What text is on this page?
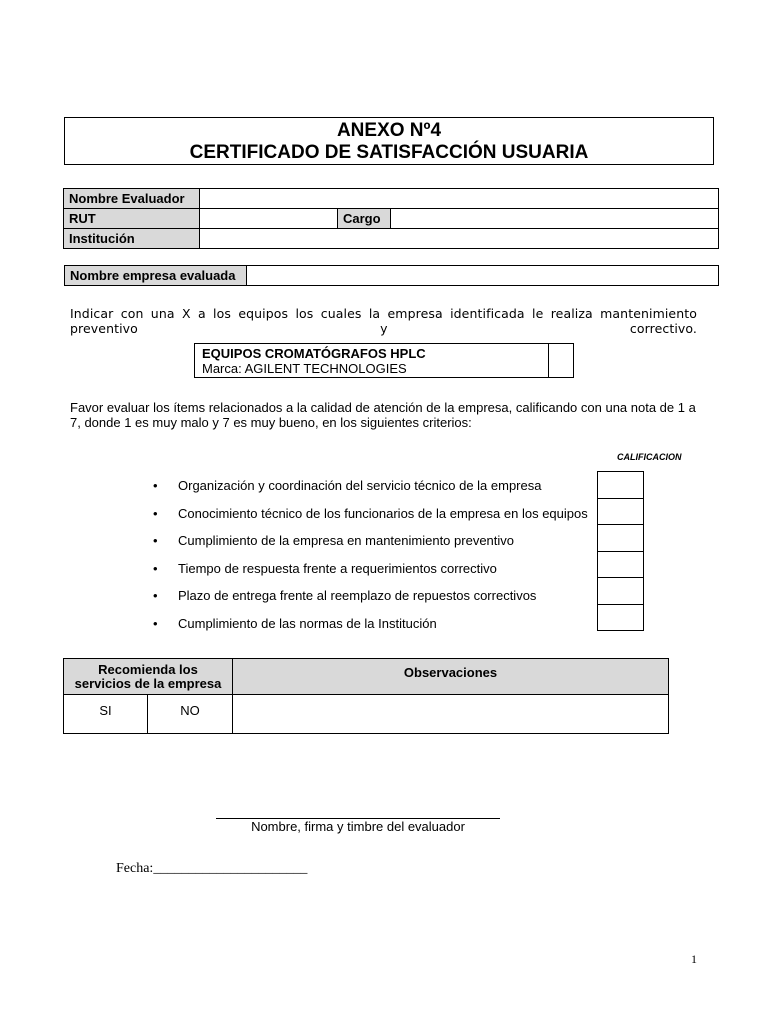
ANEXO Nº4
CERTIFICADO DE SATISFACCIÓN USUARIA
Nombre Evaluador			
RUT		Cargo	
Institución			
Nombre empresa evaluada	
Indicar con una X a los equipos los cuales la empresa identificada le realiza mantenimiento preventivo y correctivo.
EQUIPOS CROMATÓGRAFOS HPLC
Marca: AGILENT TECHNOLOGIES
Favor evaluar los ítems relacionados a la calidad de atención de la empresa, calificando con una nota de 1 a 7, donde 1 es muy malo y 7 es muy bueno, en los siguientes criterios:
CALIFICACION
•	Organización y coordinación del servicio técnico de la empresa
•	Conocimiento técnico de los funcionarios de la empresa en los equipos
•	Cumplimiento de la empresa en mantenimiento preventivo
•	Tiempo de respuesta frente a requerimientos correctivo
•	Plazo de entrega frente al reemplazo de repuestos correctivos
•	Cumplimiento de las normas de la Institución
Recomienda los
servicios de la empresa		Observaciones
SI	NO	
Nombre, firma y timbre del evaluador
Fecha:______________________
1
